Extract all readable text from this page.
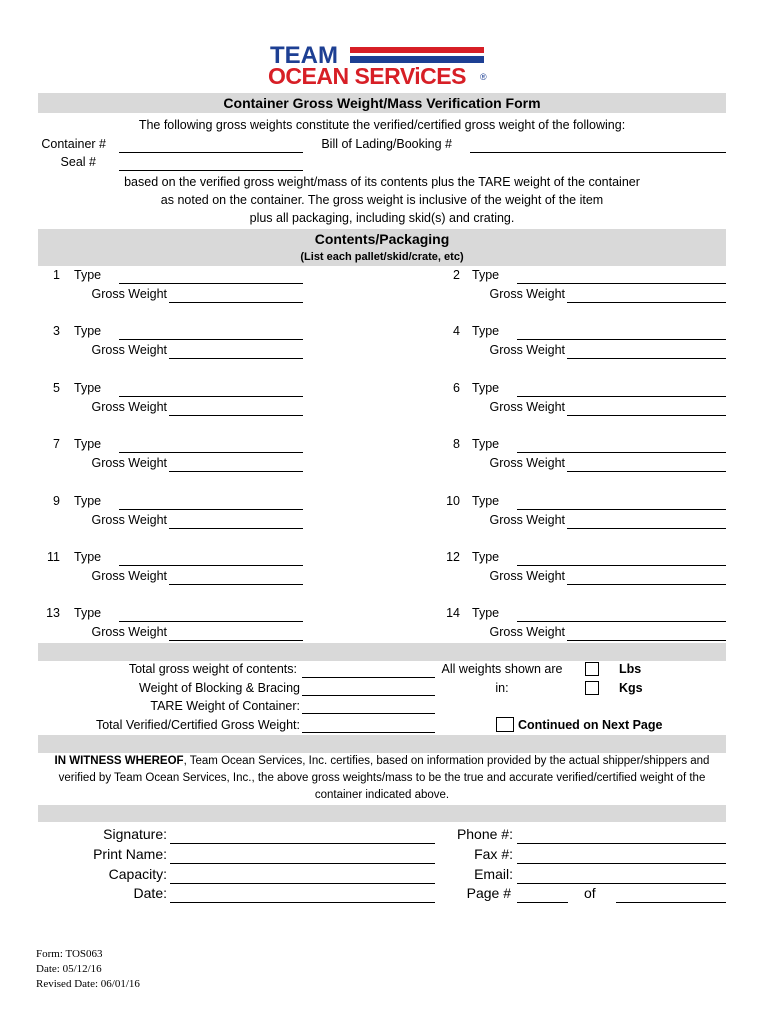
TEAM
OCEAN SERViCES ®
Container Gross Weight/Mass Verification Form
The following gross weights constitute the verified/certified gross weight of the following:
Container #	Bill of Lading/Booking #
Seal #
based on the verified gross weight/mass of its contents plus the TARE weight of the container
as noted on the container. The gross weight is inclusive of the weight of the item
plus all packaging, including skid(s) and crating.
Contents/Packaging
(List each pallet/skid/crate, etc)
1 Type
Gross Weight
2 Type
Gross Weight
3 Type
Gross Weight
4 Type
Gross Weight
5 Type
Gross Weight
6 Type
Gross Weight
7 Type
Gross Weight
8 Type
Gross Weight
9 Type
Gross Weight
10 Type
Gross Weight
11 Type
Gross Weight
12 Type
Gross Weight
13 Type
Gross Weight
14 Type
Gross Weight
Total gross weight of contents:
Weight of Blocking & Bracing
TARE Weight of Container:
Total Verified/Certified Gross Weight:
All weights shown are
in:
Lbs
Kgs
Continued on Next Page
IN WITNESS WHEREOF, Team Ocean Services, Inc. certifies, based on information provided by the actual shipper/shippers and
verified by Team Ocean Services, Inc., the above gross weights/mass to be the true and accurate verified/certified weight of the
container indicated above.
Signature:
Print Name:
Capacity:
Date:
Phone #:
Fax #:
Email:
Page #	of
Form: TOS063
Date: 05/12/16
Revised Date: 06/01/16
